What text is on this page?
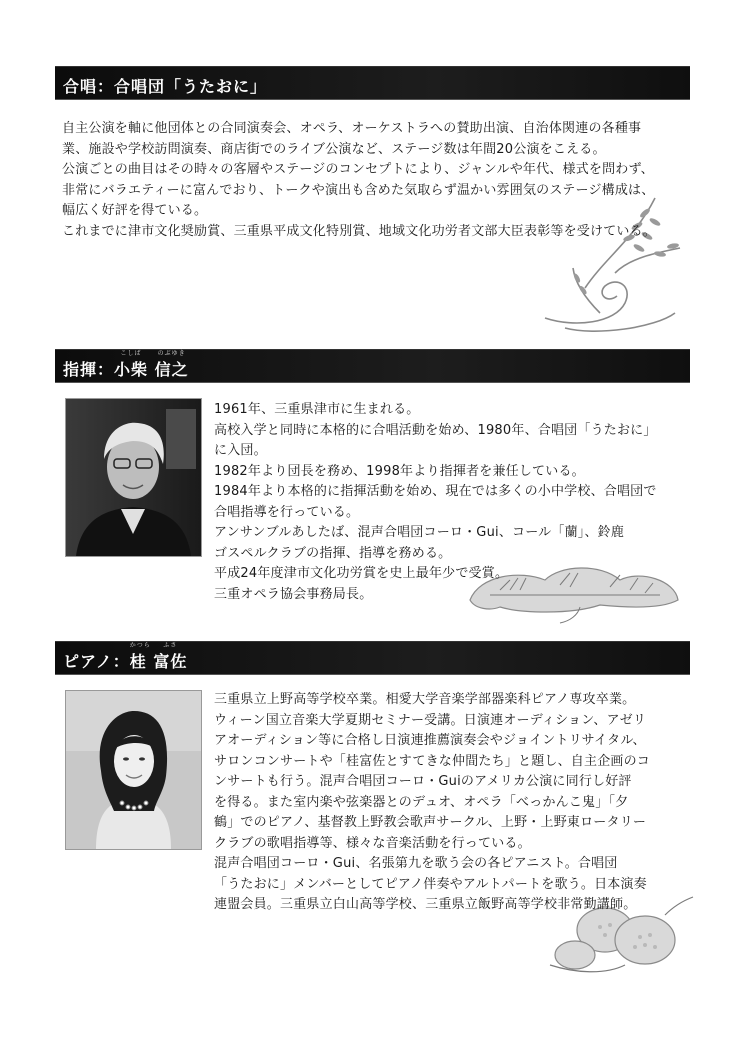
合唱：合唱団「うたおに」
自主公演を軸に他団体との合同演奏会、オペラ、オーケストラへの賛助出演、自治体関連の各種事
業、施設や学校訪問演奏、商店街でのライブ公演など、ステージ数は年間20公演をこえる。
公演ごとの曲目はその時々の客層やステージのコンセプトにより、ジャンルや年代、様式を問わず、
非常にバラエティーに富んでおり、トークや演出も含めた気取らず温かい雰囲気のステージ構成は、
幅広く好評を得ている。
これまでに津市文化奨励賞、三重県平成文化特別賞、地域文化功労者文部大臣表彰等を受けている。
指揮：
こしば
小柴
のぶゆき
信之
1961年、三重県津市に生まれる。
高校入学と同時に本格的に合唱活動を始め、1980年、合唱団「うたおに」
に入団。
1982年より団長を務め、1998年より指揮者を兼任している。
1984年より本格的に指揮活動を始め、現在では多くの小中学校、合唱団で
合唱指導を行っている。
アンサンブルあしたば、混声合唱団コーロ・Gui、コール「蘭」、鈴鹿
ゴスペルクラブの指揮、指導を務める。
平成24年度津市文化功労賞を史上最年少で受賞。
三重オペラ協会事務局長。
ピアノ：
かつら
桂
ふさ
富佐
三重県立上野高等学校卒業。相愛大学音楽学部器楽科ピアノ専攻卒業。
ウィーン国立音楽大学夏期セミナー受講。日演連オーディション、アゼリ
アオーディション等に合格し日演連推薦演奏会やジョイントリサイタル、
サロンコンサートや「桂富佐とすてきな仲間たち」と題し、自主企画のコ
ンサートも行う。混声合唱団コーロ・Guiのアメリカ公演に同行し好評
を得る。また室内楽や弦楽器とのデュオ、オペラ「べっかんこ鬼」「夕
鶴」でのピアノ、基督教上野教会歌声サークル、上野・上野東ロータリー
クラブの歌唱指導等、様々な音楽活動を行っている。
混声合唱団コーロ・Gui、名張第九を歌う会の各ピアニスト。合唱団
「うたおに」メンバーとしてピアノ伴奏やアルトパートを歌う。日本演奏
連盟会員。三重県立白山高等学校、三重県立飯野高等学校非常勤講師。
